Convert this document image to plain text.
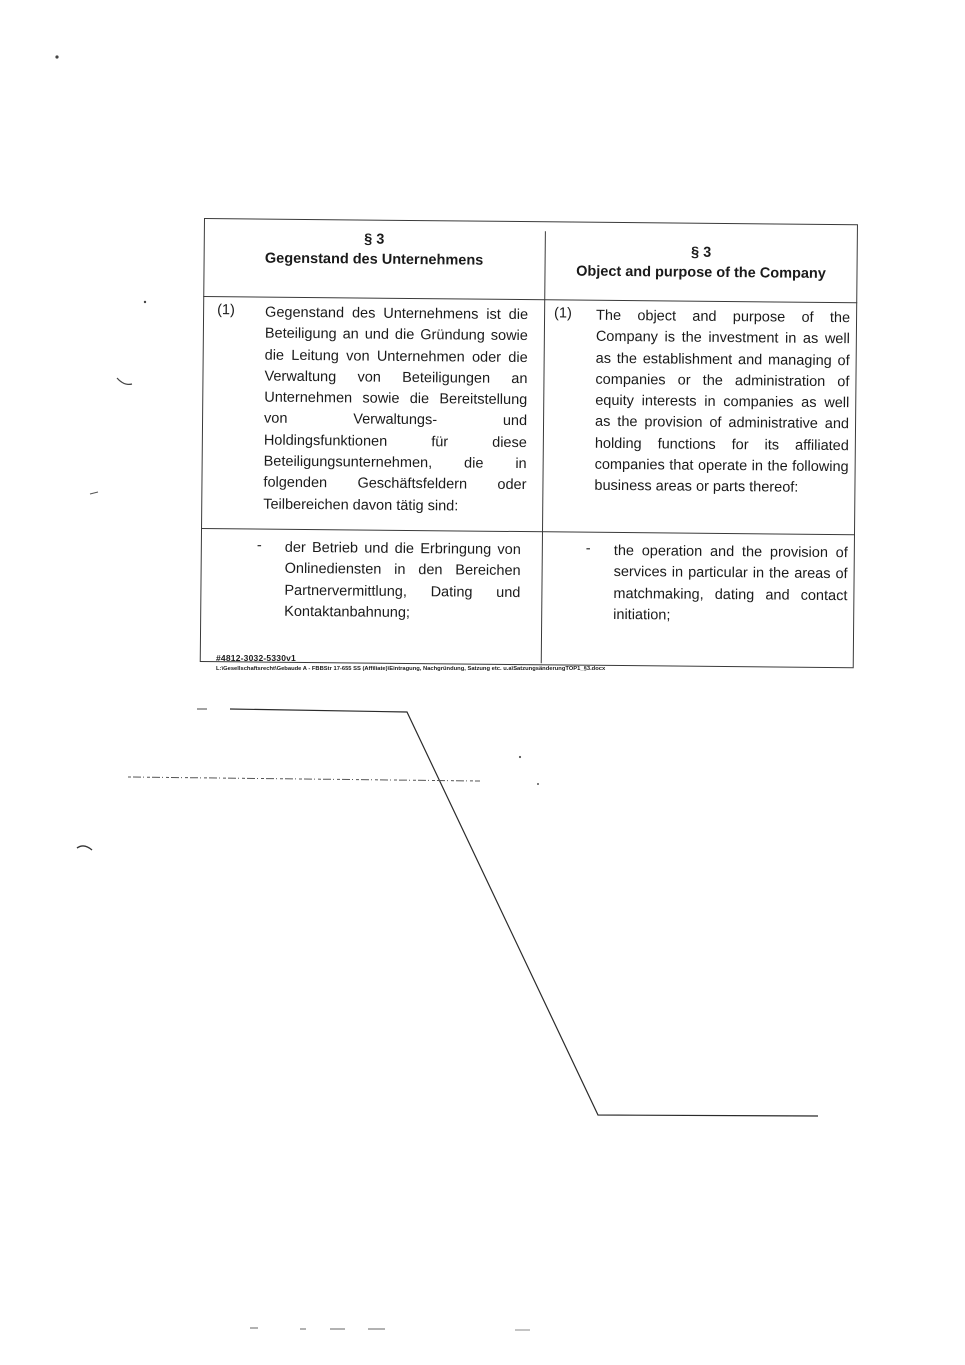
§ 3
Gegenstand des Unternehmens	§ 3
Object and purpose of the Company
(1) Gegenstand des Unternehmens ist die Beteiligung an und die Gründung sowie die Leitung von Unternehmen oder die Verwaltung von Beteiligungen an Unternehmen sowie die Bereitstellung von Verwaltungs- und Holdingsfunktionen für diese Beteiligungsunternehmen, die in folgenden Geschäftsfeldern oder Teilbereichen davon tätig sind:
(1) The object and purpose of the Company is the investment in as well as the establishment and managing of companies or the administration of equity interests in companies as well as the provision of administrative and holding functions for its affiliated companies that operate in the following business areas or parts thereof:
- der Betrieb und die Erbringung von Onlinediensten in den Bereichen Partnervermittlung, Dating und Kontaktanbahnung;
- the operation and the provision of services in particular in the areas of matchmaking, dating and contact initiation;
#4812-3032-5330v1
L:\Gesellschaftsrecht\Gebaude A - FBBStr 17-655 SS (Affiliate)\Eintragung, Nachgründung, Satzung etc. u.a\SatzungsänderungTOP1_§3.docx
